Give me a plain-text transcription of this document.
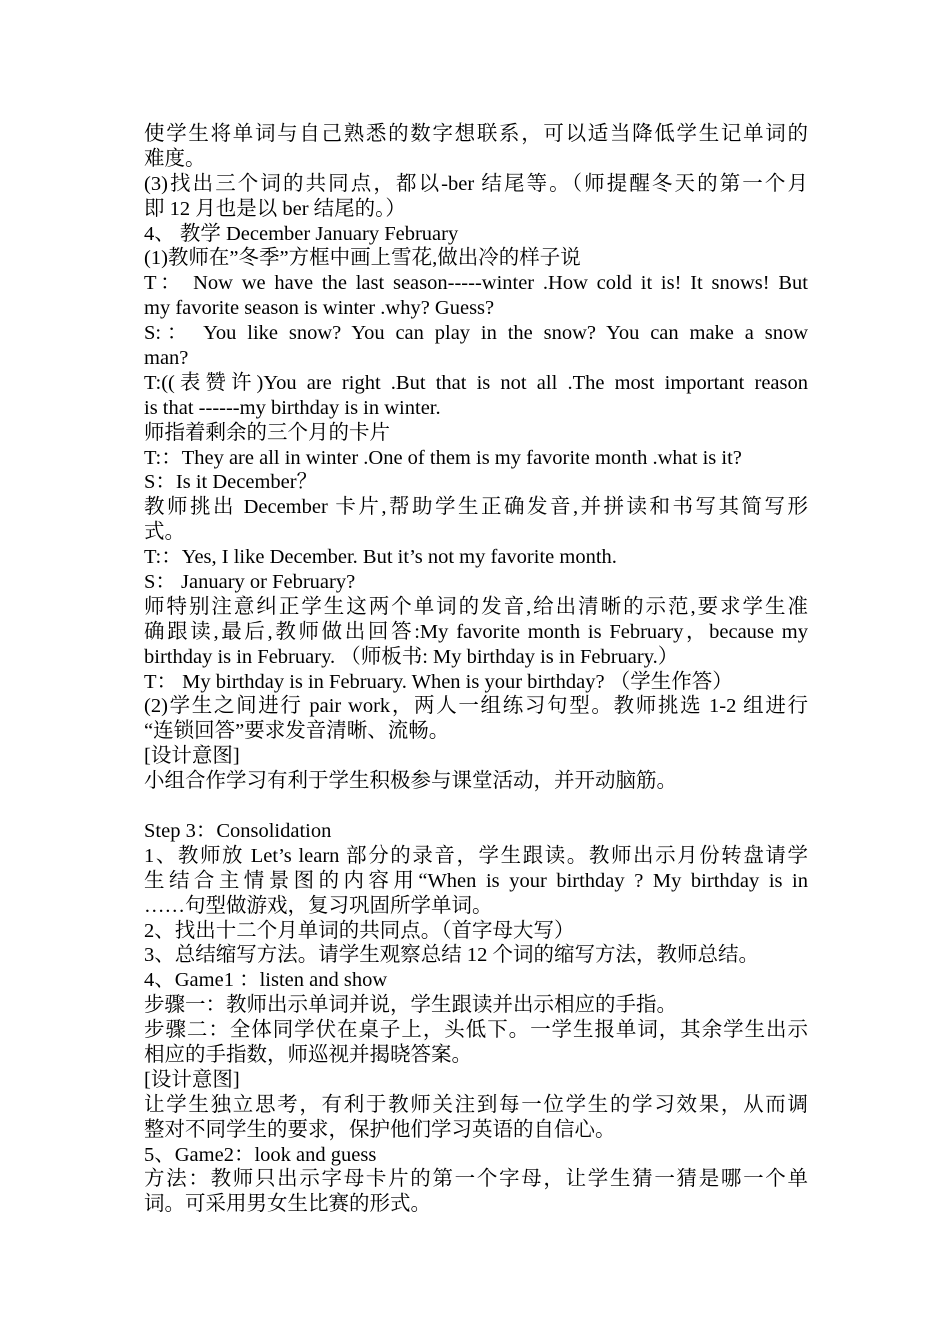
使学生将单词与自己熟悉的数字想联系，可以适当降低学生记单词的
难度。
(3)找出三个词的共同点，都以-ber 结尾等。（师提醒冬天的第一个月
即 12 月也是以 ber 结尾的。）
4、 教学 December January February
(1)教师在”冬季”方框中画上雪花,做出冷的样子说
T： Now we have the last season-----winter .How cold it is! It snows! But
my favorite season is winter .why? Guess?
S:： You like snow? You can play in the snow? You can make a snow
man?
T:((表赞许)You are right .But that is not all .The most important reason
is that ------my birthday is in winter.
师指着剩余的三个月的卡片
T:：They are all in winter .One of them is my favorite month .what is it?
S：Is it December？
教师挑出 December 卡片,帮助学生正确发音,并拼读和书写其简写形
式。
T:：Yes, I like December. But it’s not my favorite month.
S： January or February?
师特别注意纠正学生这两个单词的发音,给出清晰的示范,要求学生准
确跟读,最后,教师做出回答:My favorite month is February，because my
birthday is in February. （师板书: My birthday is in February.）
T： My birthday is in February. When is your birthday? （学生作答）
(2)学生之间进行 pair work，两人一组练习句型。教师挑选 1-2 组进行
“连锁回答”要求发音清晰、流畅。
[设计意图]
小组合作学习有利于学生积极参与课堂活动，并开动脑筋。
Step 3：Consolidation
1、教师放 Let’s learn 部分的录音，学生跟读。教师出示月份转盘请学
生结合主情景图的内容用“When is your birthday ? My birthday is in
……句型做游戏，复习巩固所学单词。
2、找出十二个月单词的共同点。（首字母大写）
3、总结缩写方法。请学生观察总结 12 个词的缩写方法，教师总结。
4、Game1 ：listen and show
步骤一：教师出示单词并说，学生跟读并出示相应的手指。
步骤二：全体同学伏在桌子上，头低下。一学生报单词，其余学生出示
相应的手指数，师巡视并揭晓答案。
[设计意图]
让学生独立思考，有利于教师关注到每一位学生的学习效果，从而调
整对不同学生的要求，保护他们学习英语的自信心。
5、Game2：look and guess
方法：教师只出示字母卡片的第一个字母，让学生猜一猜是哪一个单
词。可采用男女生比赛的形式。
